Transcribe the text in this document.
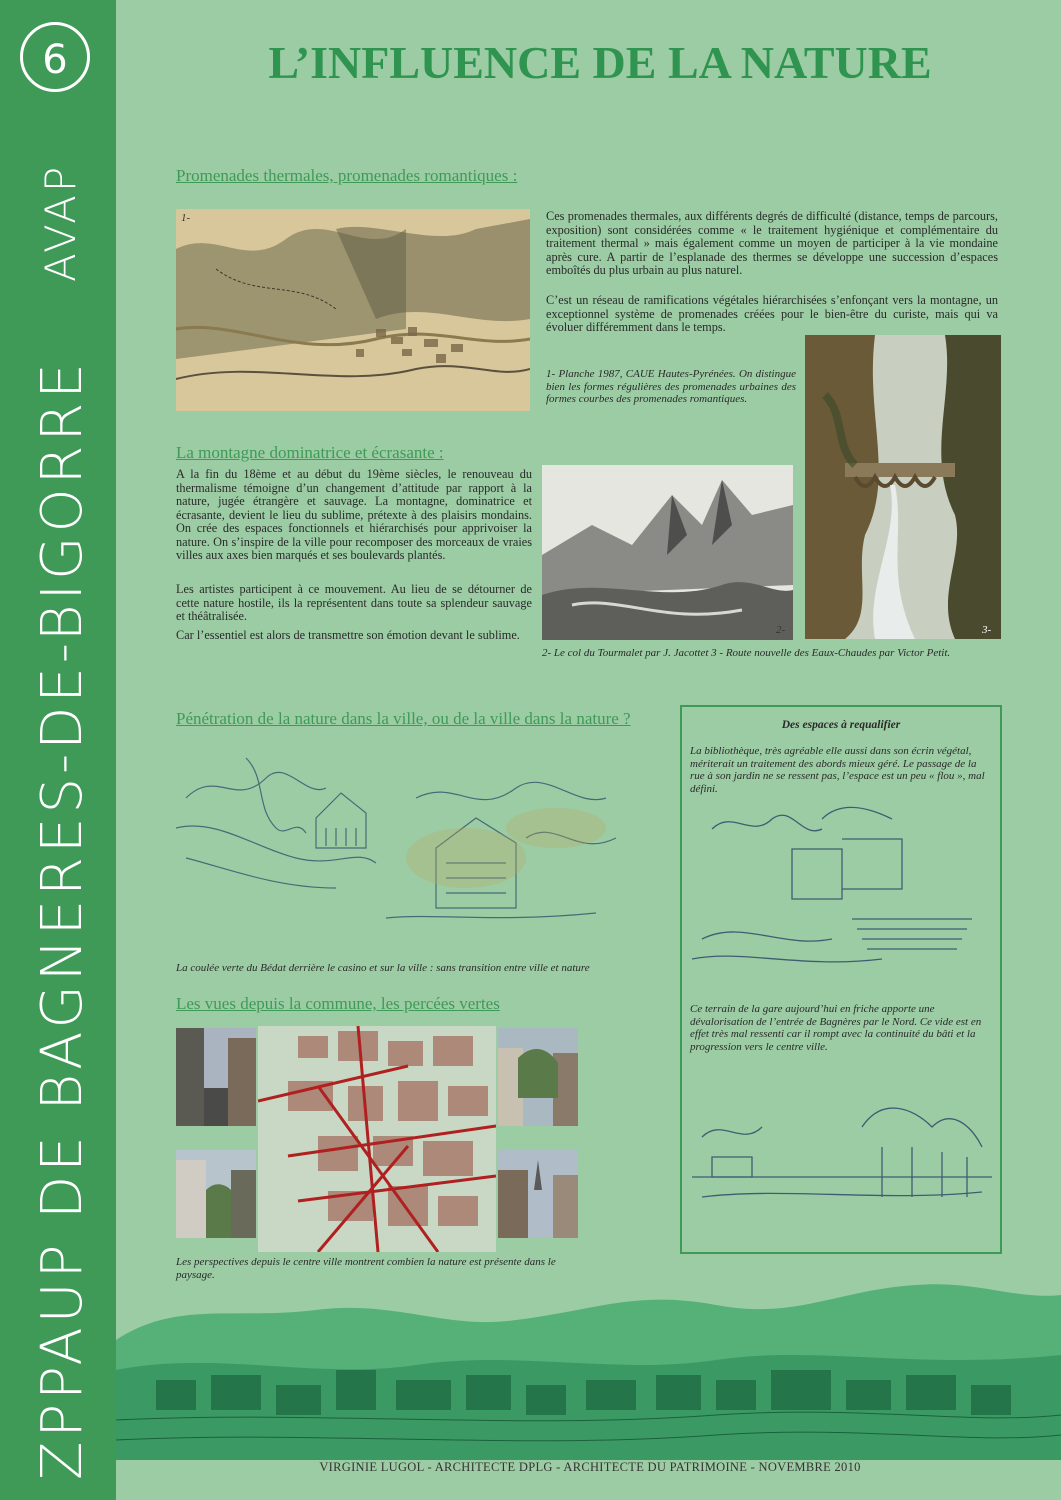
6
AVAP
ZPPAUP DE BAGNERES-DE-BIGORRE
L’INFLUENCE DE LA NATURE
Promenades thermales, promenades romantiques :
1-	Ces promenades thermales, aux différents degrés de difficulté (distance, temps de parcours, exposition) sont considérées comme « le traitement hygiénique et complémentaire du traitement thermal » mais également comme un moyen de participer à la vie mondaine après cure. A partir de l’esplanade des thermes se développe une succession d’espaces emboîtés du plus urbain au plus naturel.
C’est un réseau de ramifications végétales hiérarchisées s’enfonçant vers la montagne, un exceptionnel système de promenades créées pour le bien-être du curiste, mais qui va évoluer différemment dans le temps.
1- Planche 1987, CAUE Hautes-Pyrénées. On distingue bien les formes régulières des promenades urbaines des formes courbes des promenades romantiques.
3-
La montagne dominatrice et écrasante :
A la fin du 18ème et au début du 19ème siècles, le renouveau du thermalisme témoigne d’un changement d’attitude par rapport à la nature, jugée étrangère et sauvage. La montagne, dominatrice et écrasante, devient le lieu du sublime, prétexte à des plaisirs mondains. On crée des espaces fonctionnels et hiérarchisés pour apprivoiser la nature. On s’inspire de la ville pour recomposer des morceaux de vraies villes aux axes bien marqués et ses boulevards plantés.
Les artistes participent à ce mouvement. Au lieu de se détourner de cette nature hostile, ils la représentent dans toute sa splendeur sauvage et théâtralisée.
Car l’essentiel est alors de transmettre son émotion devant le sublime.	2-
2- Le col du Tourmalet par J. Jacottet 3 - Route nouvelle des Eaux-Chaudes par Victor Petit.
Pénétration de la nature dans la ville, ou de la ville dans la nature ?
La coulée verte du Bédat derrière le casino et sur la ville : sans transition entre ville et nature
Les vues depuis la commune, les percées vertes
Les perspectives depuis le centre ville montrent combien la nature est présente dans le paysage.
Des espaces à requalifier
La bibliothèque, très agréable elle aussi dans son écrin végétal, mériterait un traitement des abords mieux géré. Le passage de la rue à son jardin ne se ressent pas, l’espace est un peu « flou », mal défini.
Ce terrain de la gare aujourd’hui en friche apporte une dévalorisation de l’entrée de Bagnères par le Nord. Ce vide est en effet très mal ressenti car il rompt avec la continuité du bâti et la progression vers le centre ville.
VIRGINIE LUGOL - ARCHITECTE DPLG - ARCHITECTE DU PATRIMOINE - NOVEMBRE 2010
